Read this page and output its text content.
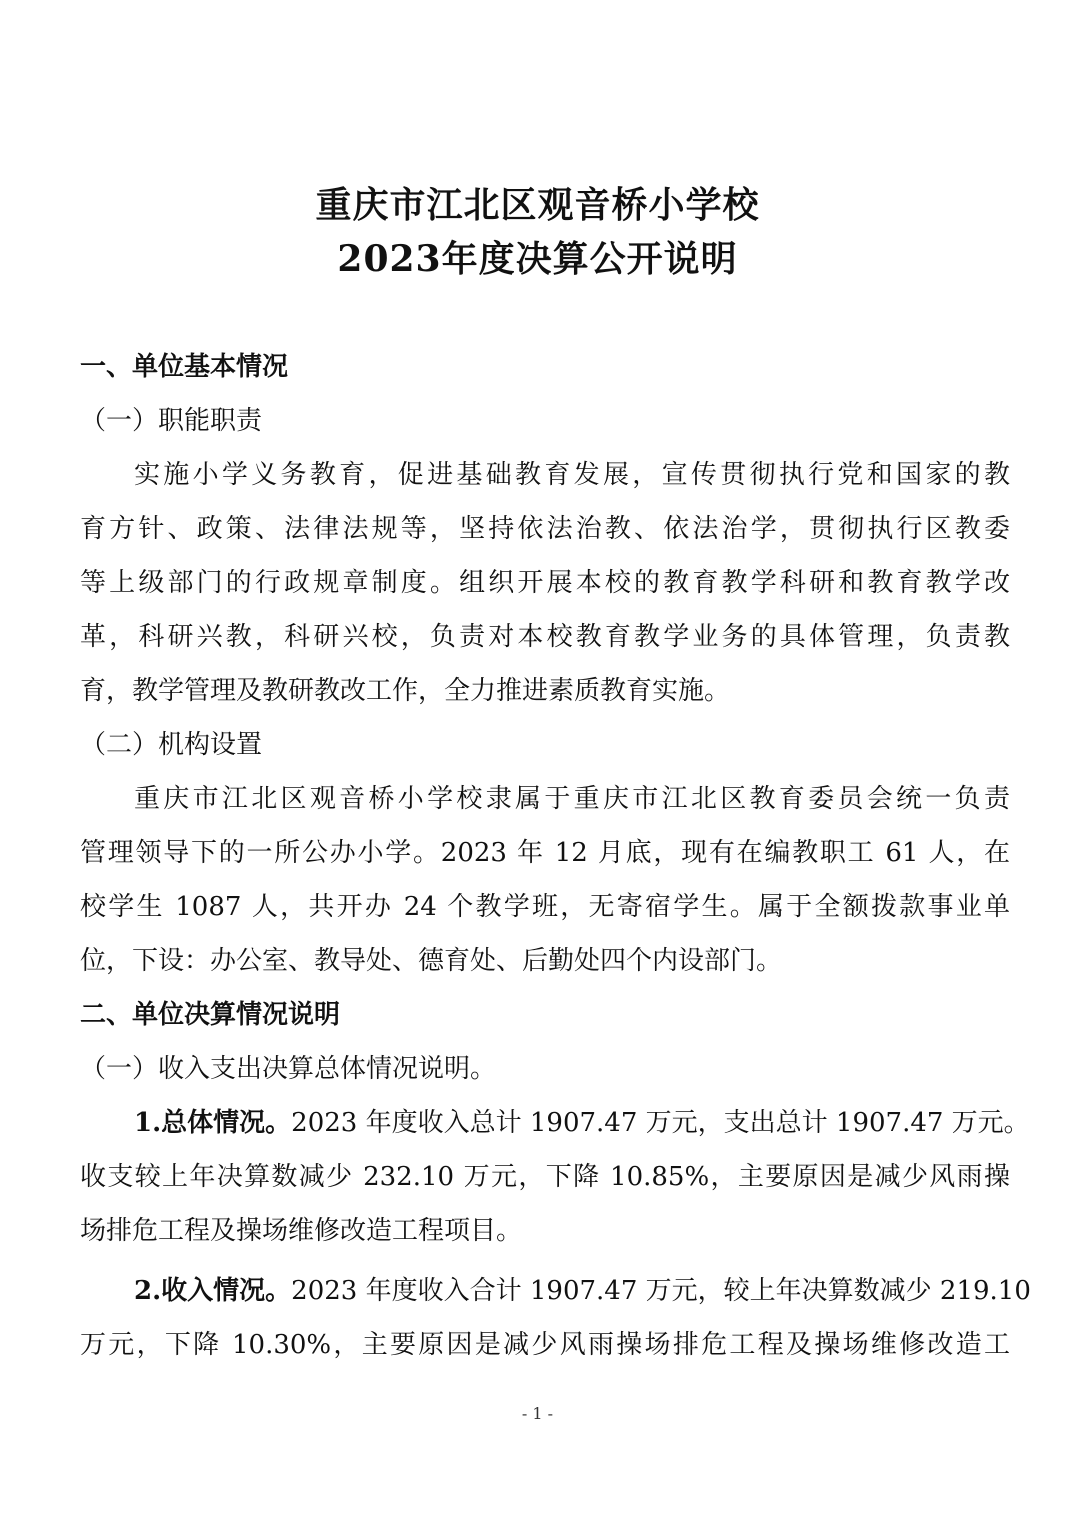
重庆市江北区观音桥小学校
2023年度决算公开说明
一、单位基本情况
（一）职能职责
实施小学义务教育，促进基础教育发展，宣传贯彻执行党和国家的教
育方针、政策、法律法规等，坚持依法治教、依法治学，贯彻执行区教委
等上级部门的行政规章制度。组织开展本校的教育教学科研和教育教学改
革，科研兴教，科研兴校，负责对本校教育教学业务的具体管理，负责教
育，教学管理及教研教改工作，全力推进素质教育实施。
（二）机构设置
重庆市江北区观音桥小学校隶属于重庆市江北区教育委员会统一负责
管理领导下的一所公办小学。2023 年 12 月底，现有在编教职工 61 人，在
校学生 1087 人，共开办 24 个教学班，无寄宿学生。属于全额拨款事业单
位，下设：办公室、教导处、德育处、后勤处四个内设部门。
二、单位决算情况说明
（一）收入支出决算总体情况说明。
1.总体情况。2023 年度收入总计 1907.47 万元，支出总计 1907.47 万元。
收支较上年决算数减少 232.10 万元，下降 10.85%，主要原因是减少风雨操
场排危工程及操场维修改造工程项目。
2.收入情况。2023 年度收入合计 1907.47 万元，较上年决算数减少 219.10
万元，下降 10.30%，主要原因是减少风雨操场排危工程及操场维修改造工
- 1 -
